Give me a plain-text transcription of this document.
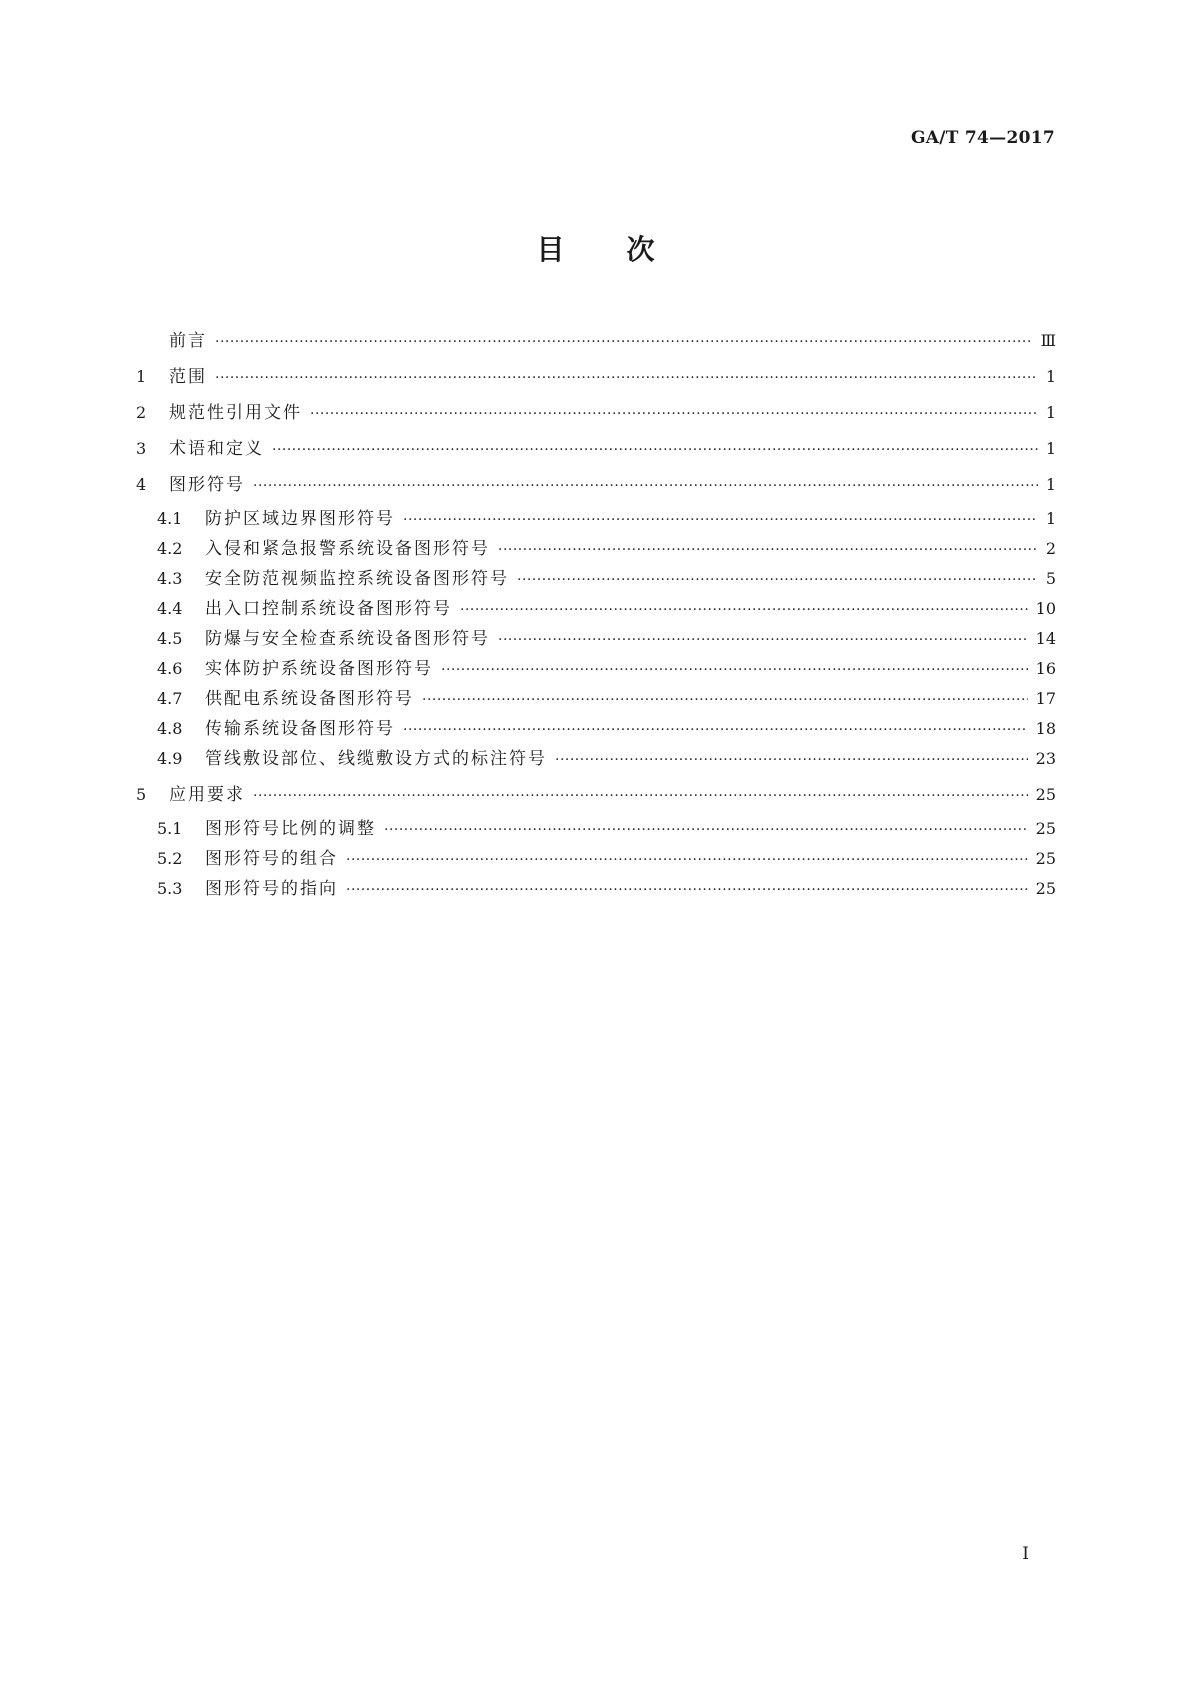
GA/T 74—2017
目次
前言 ·····	Ⅲ
1	范围 ·····	1
2	规范性引用文件 ·····	1
3	术语和定义 ·····	1
4	图形符号 ·····	1
4.1	防护区域边界图形符号 ·····	1
4.2	入侵和紧急报警系统设备图形符号 ·····	2
4.3	安全防范视频监控系统设备图形符号 ·····	5
4.4	出入口控制系统设备图形符号 ·····	10
4.5	防爆与安全检查系统设备图形符号 ·····	14
4.6	实体防护系统设备图形符号 ·····	16
4.7	供配电系统设备图形符号 ·····	17
4.8	传输系统设备图形符号 ·····	18
4.9	管线敷设部位、线缆敷设方式的标注符号 ·····	23
5	应用要求 ·····	25
5.1	图形符号比例的调整 ·····	25
5.2	图形符号的组合 ·····	25
5.3	图形符号的指向 ·····	25
Ⅰ
